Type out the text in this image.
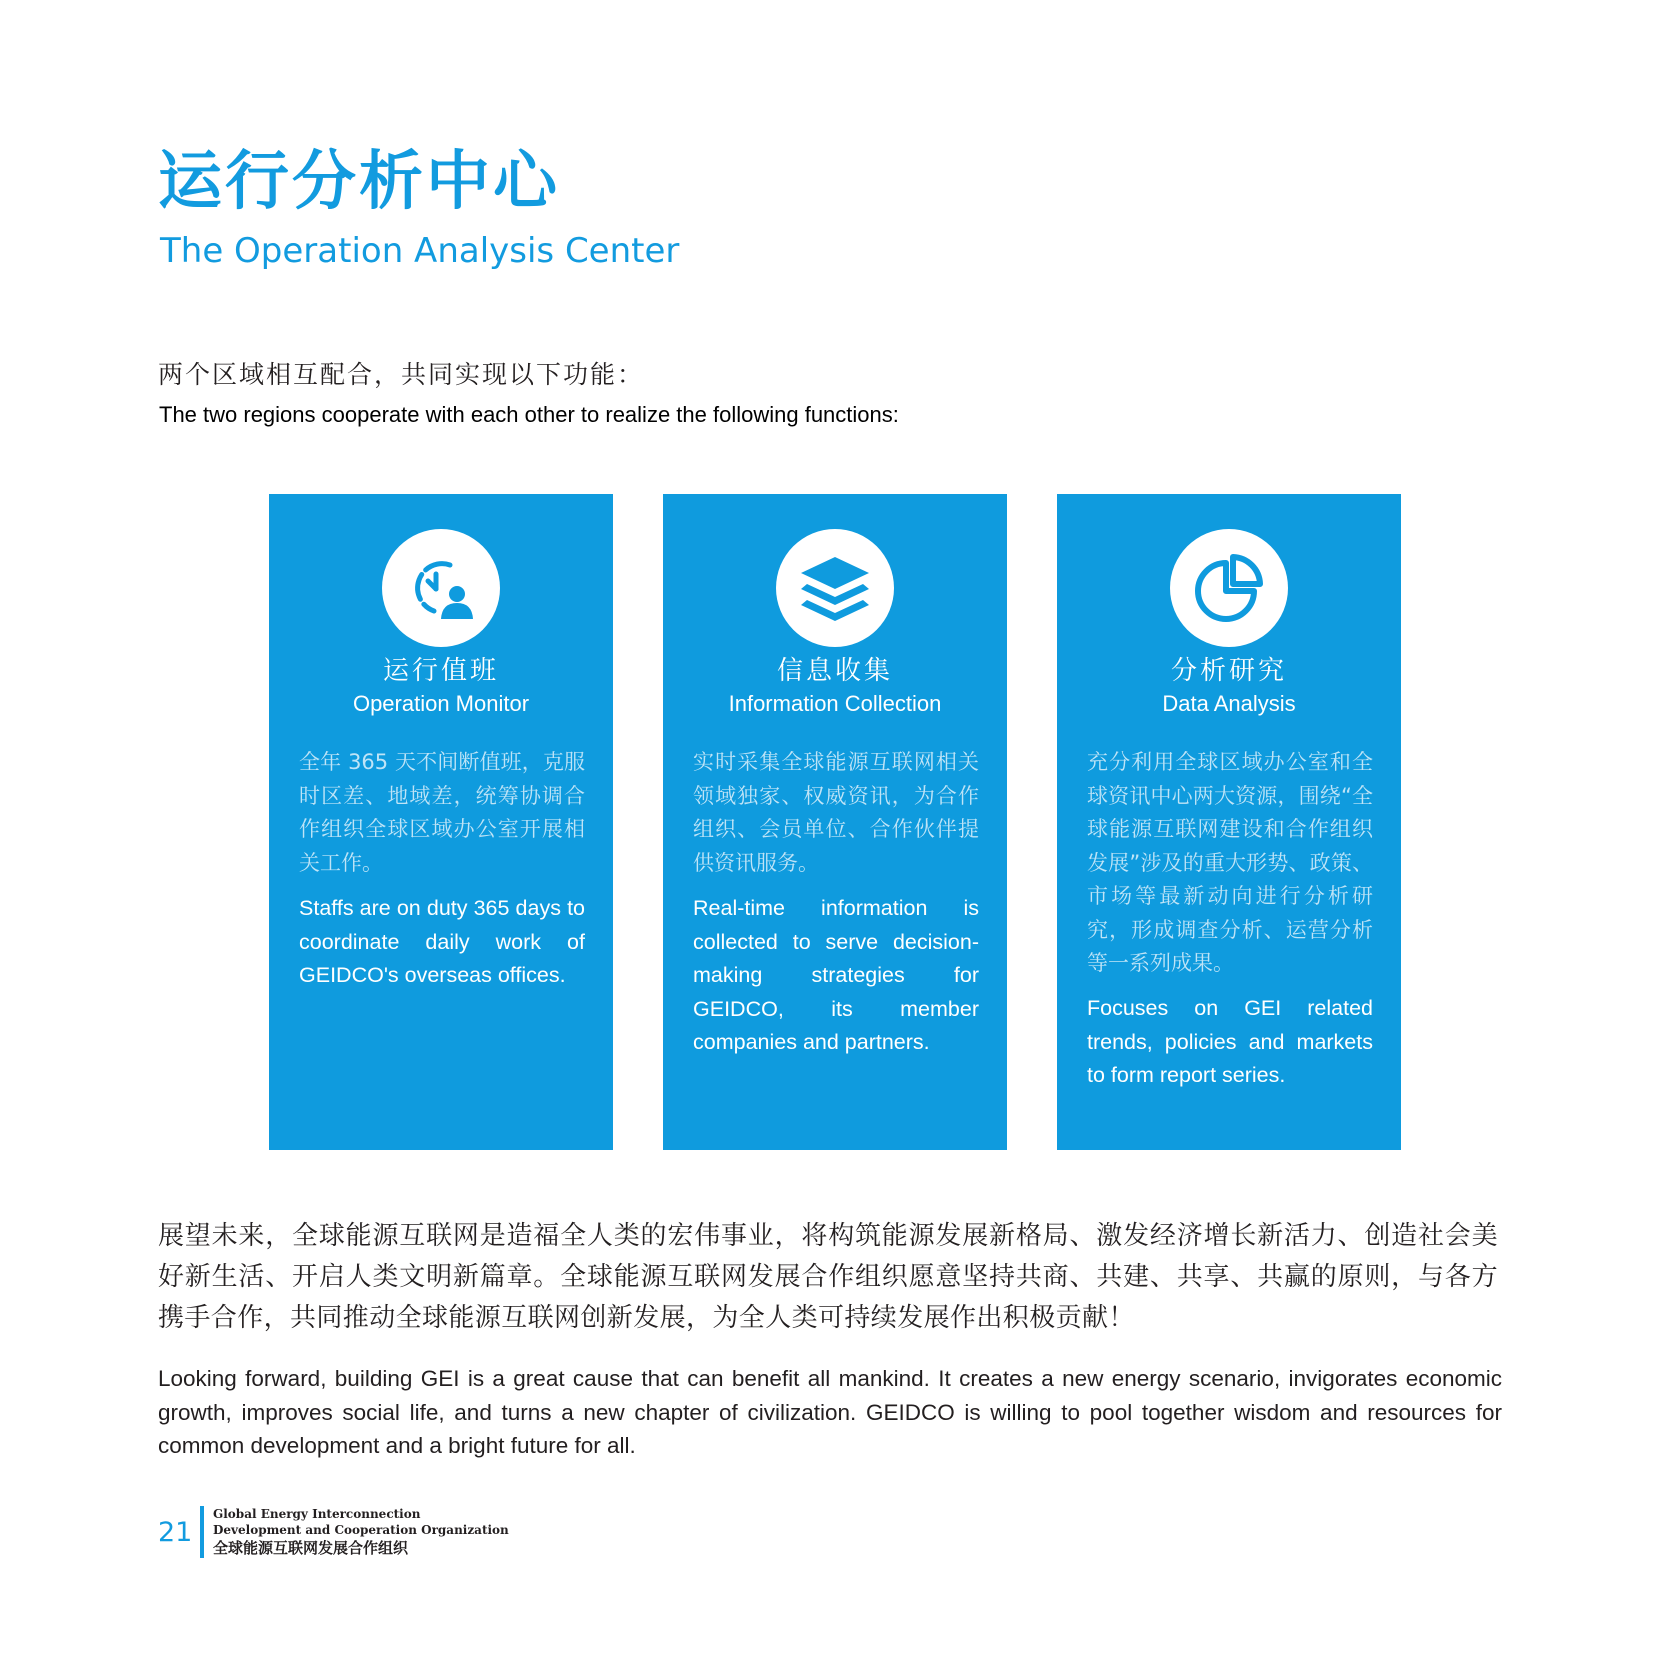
运行分析中心
The Operation Analysis Center
两个区域相互配合，共同实现以下功能：
The two regions cooperate with each other to realize the following functions:
运行值班
Operation Monitor
全年 365 天不间断值班，克服时区差、地域差，统筹协调合作组织全球区域办公室开展相关工作。
Staffs are on duty 365 days to coordinate daily work of GEIDCO's overseas offices.
信息收集
Information Collection
实时采集全球能源互联网相关领域独家、权威资讯，为合作组织、会员单位、合作伙伴提供资讯服务。
Real-time information is collected to serve decision-making strategies for GEIDCO, its member companies and partners.
分析研究
Data Analysis
充分利用全球区域办公室和全球资讯中心两大资源，围绕“全球能源互联网建设和合作组织发展”涉及的重大形势、政策、市场等最新动向进行分析研究，形成调查分析、运营分析等一系列成果。
Focuses on GEI related trends, policies and markets to form report series.
展望未来，全球能源互联网是造福全人类的宏伟事业，将构筑能源发展新格局、激发经济增长新活力、创造社会美好新生活、开启人类文明新篇章。全球能源互联网发展合作组织愿意坚持共商、共建、共享、共赢的原则，与各方携手合作，共同推动全球能源互联网创新发展，为全人类可持续发展作出积极贡献！
Looking forward, building GEI is a great cause that can benefit all mankind. It creates a new energy scenario, invigorates economic growth, improves social life, and turns a new chapter of civilization. GEIDCO is willing to pool together wisdom and resources for common development and a bright future for all.
21
Global Energy Interconnection
Development and Cooperation Organization
全球能源互联网发展合作组织
